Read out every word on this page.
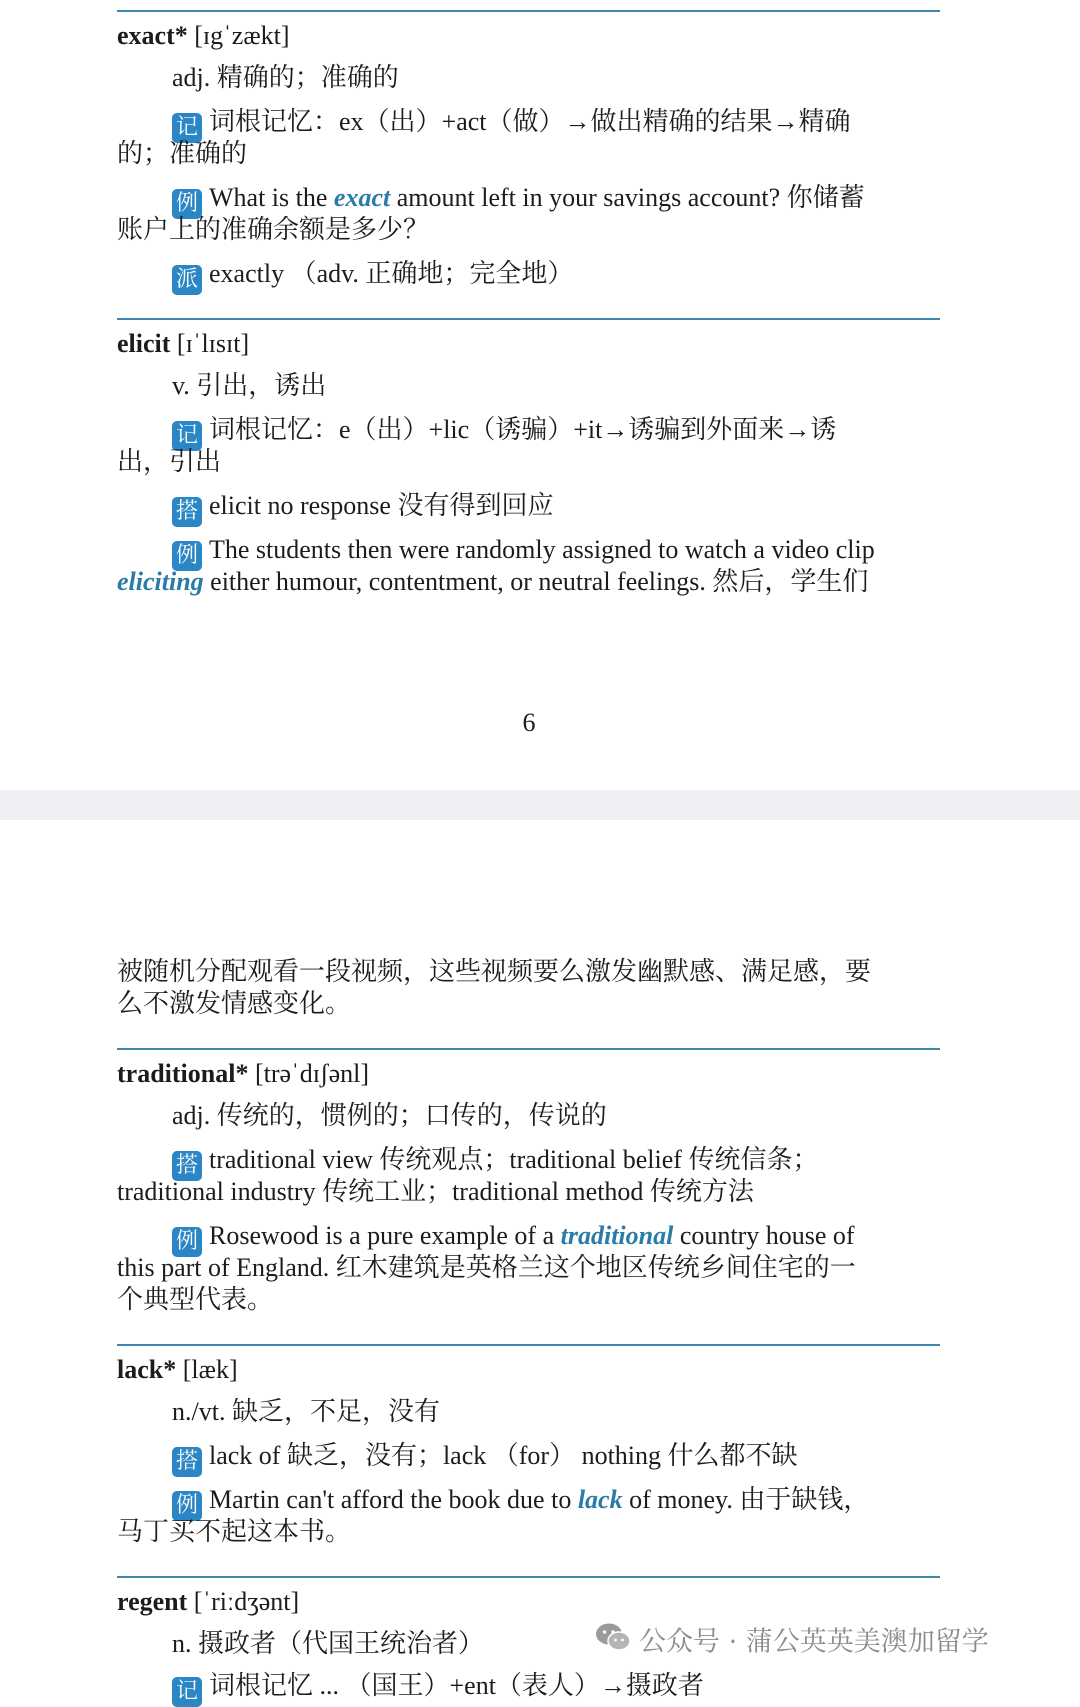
exact* [ɪgˈzækt]
adj. 精确的；准确的
记 词根记忆：ex（出）+act（做）→做出精确的结果→精确
的；准确的
例 What is the exact amount left in your savings account? 你储蓄
账户上的准确余额是多少？
派 exactly （adv. 正确地；完全地）
elicit [ɪˈlɪsɪt]
v. 引出，诱出
记 词根记忆：e（出）+lic（诱骗）+it→诱骗到外面来→诱
出，引出
搭 elicit no response 没有得到回应
例 The students then were randomly assigned to watch a video clip
eliciting either humour, contentment, or neutral feelings. 然后，学生们
6
被随机分配观看一段视频，这些视频要么激发幽默感、满足感，要
么不激发情感变化。
traditional* [trəˈdɪʃənl]
adj. 传统的，惯例的；口传的，传说的
搭 traditional view 传统观点；traditional belief 传统信条；
traditional industry 传统工业；traditional method 传统方法
例 Rosewood is a pure example of a traditional country house of
this part of England. 红木建筑是英格兰这个地区传统乡间住宅的一
个典型代表。
lack* [læk]
n./vt. 缺乏，不足，没有
搭 lack of 缺乏，没有；lack （for） nothing 什么都不缺
例 Martin can't afford the book due to lack of money. 由于缺钱，
马丁买不起这本书。
regent [ˈriːdʒənt]
n. 摄政者（代国王统治者）
记 词根记忆 ... （国王）+ent（表人）→摄政者
公众号 · 蒲公英英美澳加留学
